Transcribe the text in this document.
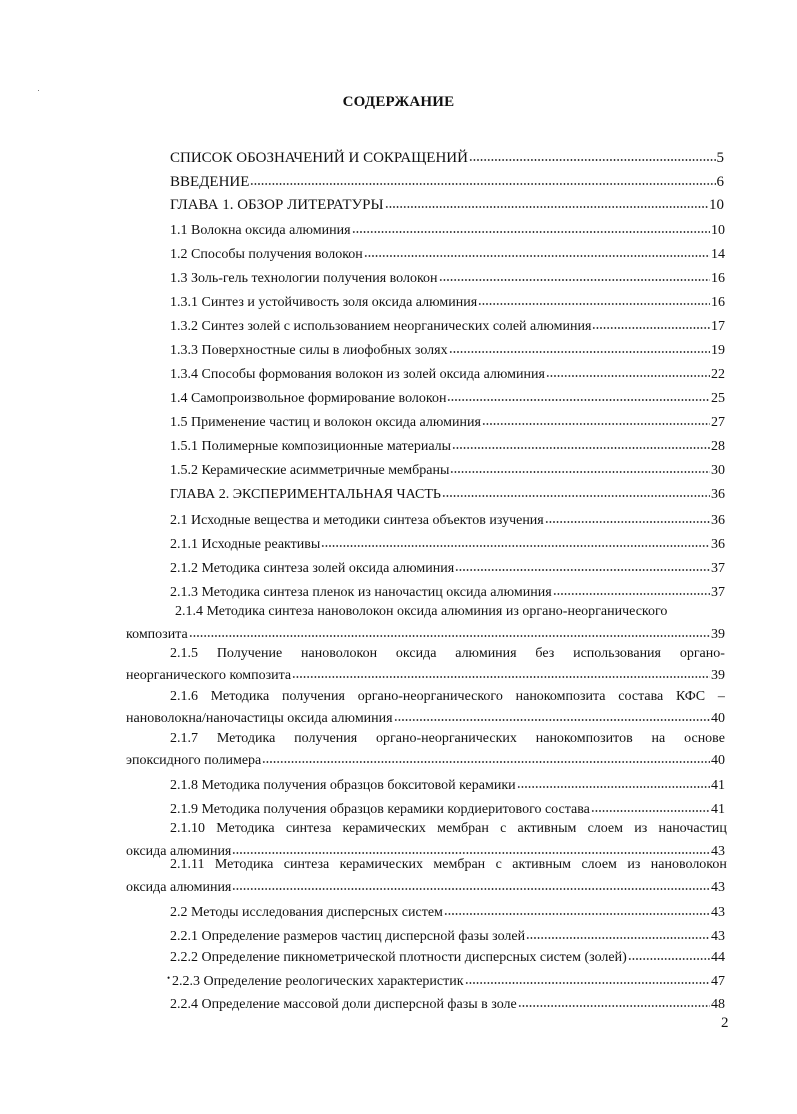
СОДЕРЖАНИЕ
СПИСОК ОБОЗНАЧЕНИЙ И СОКРАЩЕНИЙ	5
ВВЕДЕНИЕ	6
ГЛАВА 1. ОБЗОР ЛИТЕРАТУРЫ	10
1.1 Волокна оксида алюминия	10
1.2 Способы получения волокон	14
1.3 Золь-гель технологии получения волокон	16
1.3.1 Синтез и устойчивость золя оксида алюминия	16
1.3.2 Синтез золей с использованием неорганических солей алюминия	17
1.3.3 Поверхностные силы в лиофобных золях	19
1.3.4 Способы формования волокон из золей оксида алюминия	22
1.4 Самопроизвольное формирование волокон	25
1.5 Применение частиц и волокон оксида алюминия	27
1.5.1 Полимерные композиционные материалы	28
1.5.2 Керамические асимметричные мембраны	30
ГЛАВА 2. ЭКСПЕРИМЕНТАЛЬНАЯ ЧАСТЬ	36
2.1 Исходные вещества и методики синтеза объектов изучения	36
2.1.1 Исходные реактивы	36
2.1.2 Методика синтеза золей оксида алюминия	37
2.1.3 Методика синтеза пленок из наночастиц оксида алюминия	37
2.1.4 Методика синтеза нановолокон оксида алюминия из органо-неорганического
композита	39
2.1.5 Получение нановолокон оксида алюминия без использования органо-
неорганического композита	39
2.1.6 Методика получения органо-неорганического нанокомпозита состава КФС –
нановолокна/наночастицы оксида алюминия	40
2.1.7 Методика получения органо-неорганических нанокомпозитов на основе
эпоксидного полимера	40
2.1.8 Методика получения образцов бокситовой керамики	41
2.1.9 Методика получения образцов керамики кордиеритового состава	41
2.1.10 Методика синтеза керамических мембран с активным слоем из наночастиц
оксида алюминия	43
2.1.11 Методика синтеза керамических мембран с активным слоем из нановолокон
оксида алюминия	43
2.2 Методы исследования дисперсных систем	43
2.2.1 Определение размеров частиц дисперсной фазы золей	43
2.2.2 Определение пикнометрической плотности дисперсных систем (золей)	44
• 2.2.3 Определение реологических характеристик	47
2.2.4 Определение массовой доли дисперсной фазы в золе	48
2
